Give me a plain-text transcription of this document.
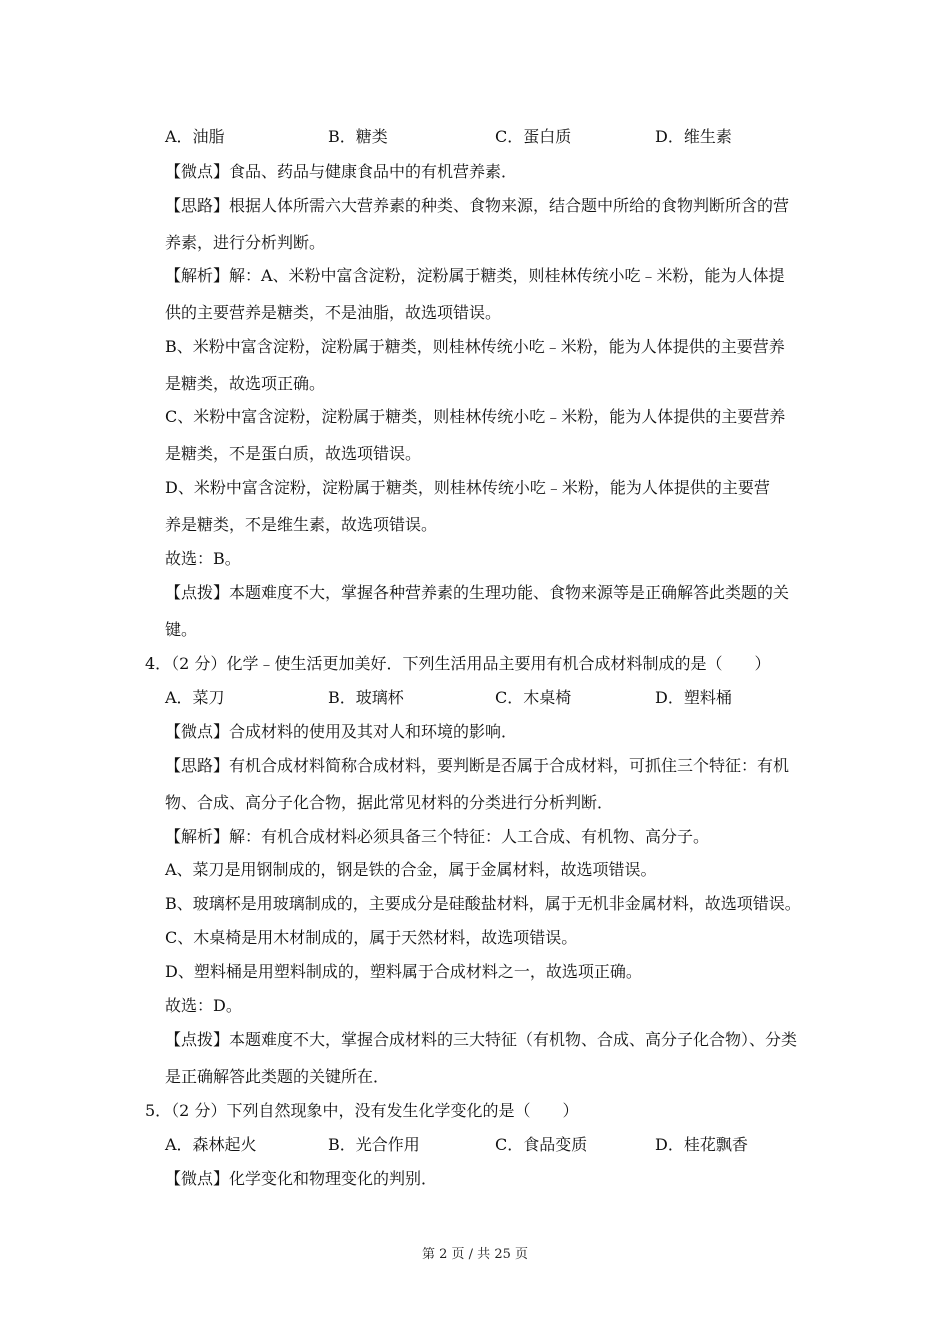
A．油脂	B．糖类	C．蛋白质	D．维生素
【微点】食品、药品与健康食品中的有机营养素．
【思路】根据人体所需六大营养素的种类、食物来源，结合题中所给的食物判断所含的营
养素，进行分析判断。
【解析】解：A、米粉中富含淀粉，淀粉属于糖类，则桂林传统小吃﹣米粉，能为人体提
供的主要营养是糖类，不是油脂，故选项错误。
B、米粉中富含淀粉，淀粉属于糖类，则桂林传统小吃﹣米粉，能为人体提供的主要营养
是糖类，故选项正确。
C、米粉中富含淀粉，淀粉属于糖类，则桂林传统小吃﹣米粉，能为人体提供的主要营养
是糖类，不是蛋白质，故选项错误。
D、米粉中富含淀粉，淀粉属于糖类，则桂林传统小吃﹣米粉，能为人体提供的主要营
养是糖类，不是维生素，故选项错误。
故选：B。
【点拨】本题难度不大，掌握各种营养素的生理功能、食物来源等是正确解答此类题的关
键。
4．（2 分）化学﹣使生活更加美好．下列生活用品主要用有机合成材料制成的是（　　）
A．菜刀	B．玻璃杯	C．木桌椅	D．塑料桶
【微点】合成材料的使用及其对人和环境的影响．
【思路】有机合成材料简称合成材料，要判断是否属于合成材料，可抓住三个特征：有机
物、合成、高分子化合物，据此常见材料的分类进行分析判断．
【解析】解：有机合成材料必须具备三个特征：人工合成、有机物、高分子。
A、菜刀是用钢制成的，钢是铁的合金，属于金属材料，故选项错误。
B、玻璃杯是用玻璃制成的，主要成分是硅酸盐材料，属于无机非金属材料，故选项错误。
C、木桌椅是用木材制成的，属于天然材料，故选项错误。
D、塑料桶是用塑料制成的，塑料属于合成材料之一，故选项正确。
故选：D。
【点拨】本题难度不大，掌握合成材料的三大特征（有机物、合成、高分子化合物）、分类
是正确解答此类题的关键所在．
5．（2 分）下列自然现象中，没有发生化学变化的是（　　）
A．森林起火	B．光合作用	C．食品变质	D．桂花飘香
【微点】化学变化和物理变化的判别．
第 2 页 / 共 25 页
